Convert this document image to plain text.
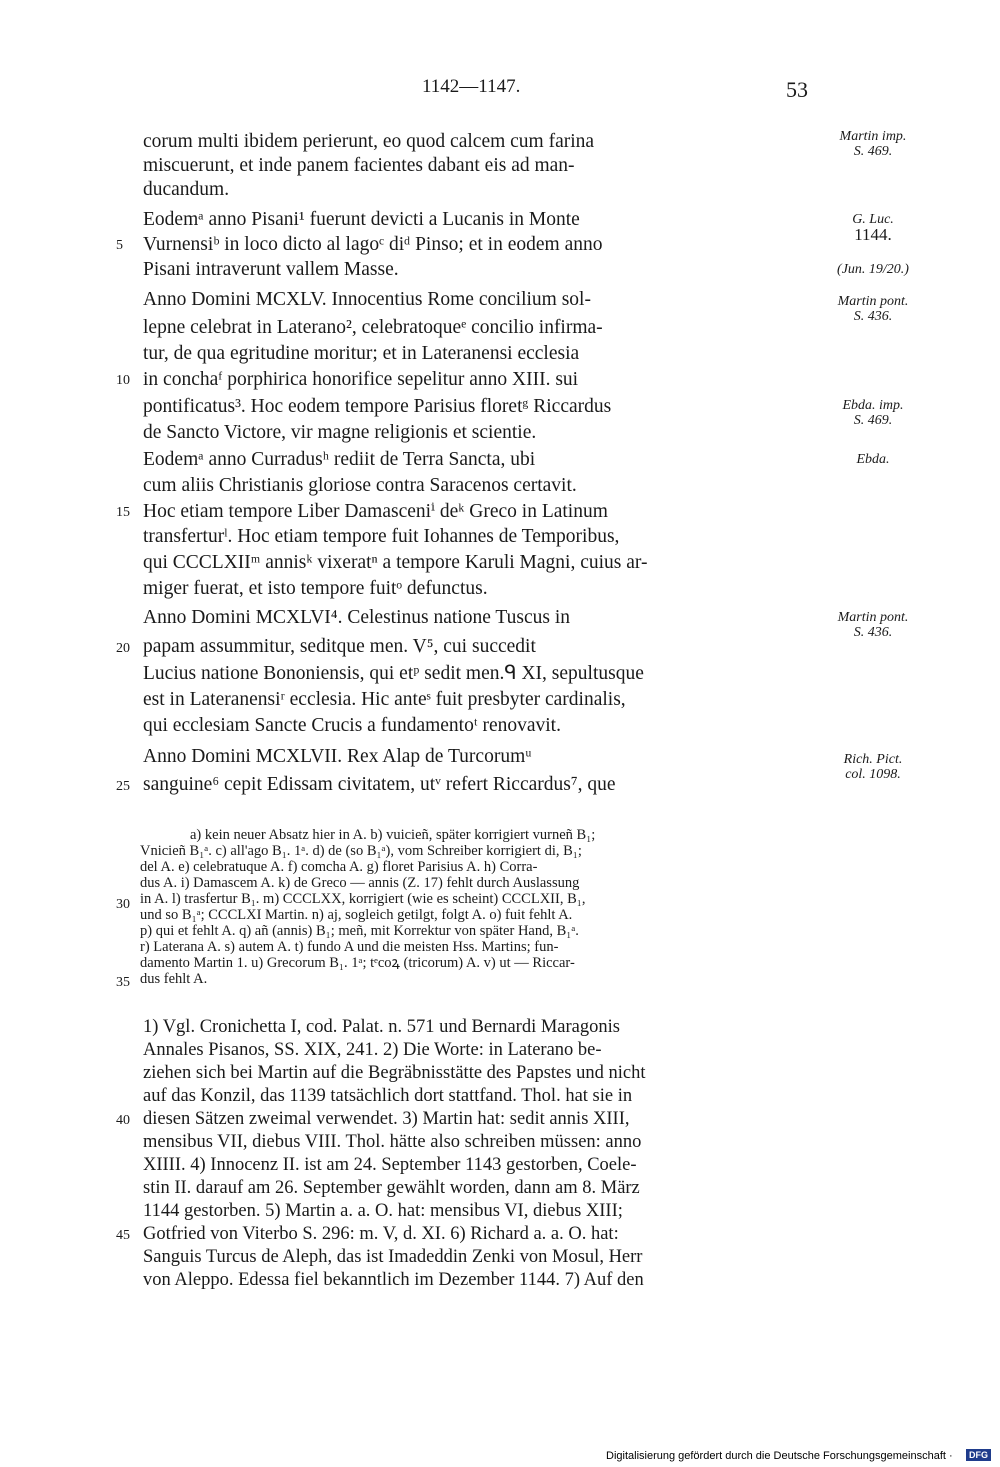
1142—1147.	53
corum multi ibidem perierunt, eo quod calcem cum farina
miscuerunt, et inde panem facientes dabant eis ad man-
ducandum.
Eodemᵃ anno Pisani¹ fuerunt devicti a Lucanis in Monte
Vurnensiᵇ in loco dicto al lagoᶜ diᵈ Pinso; et in eodem anno
Pisani intraverunt vallem Masse.
Anno Domini MCXLV. Innocentius Rome concilium sol-
lepne celebrat in Laterano², celebratoqueᵉ concilio infirma-
tur, de qua egritudine moritur; et in Lateranensi ecclesia
in conchaᶠ porphirica honorifice sepelitur anno XIII. sui
pontificatus³. Hoc eodem tempore Parisius floretᵍ Riccardus
de Sancto Victore, vir magne religionis et scientie.
Eodemᵃ anno Curradusʰ rediit de Terra Sancta, ubi
cum aliis Christianis gloriose contra Saracenos certavit.
Hoc etiam tempore Liber Damasceniⁱ deᵏ Greco in Latinum
transferturˡ. Hoc etiam tempore fuit Iohannes de Temporibus,
qui CCCLXIIᵐ annisᵏ vixeratⁿ a tempore Karuli Magni, cuius ar-
miger fuerat, et isto tempore fuitᵒ defunctus.
Anno Domini MCXLVI⁴. Celestinus natione Tuscus in
papam assummitur, seditque men. V⁵, cui succedit
Lucius natione Bononiensis, qui etᵖ sedit men.ᑫ XI, sepultusque
est in Lateranensiʳ ecclesia. Hic anteˢ fuit presbyter cardinalis,
qui ecclesiam Sancte Crucis a fundamentoᵗ renovavit.
Anno Domini MCXLVII. Rex Alap de Turcorumᵘ
sanguine⁶ cepit Edissam civitatem, utᵛ refert Riccardus⁷, que
5
10
15
20
25
Martin imp.
S. 469.
G. Luc.
1144.
(Jun. 19/20.)
Martin pont.
S. 436.
Ebda. imp.
S. 469.
Ebda.
Martin pont.
S. 436.
Rich. Pict.
col. 1098.
a) kein neuer Absatz hier in A. b) vuicieñ, später korrigiert vurneñ B₁;
Vnicieñ B₁ᵃ. c) all'ago B₁. 1ᵃ. d) de (so B₁ᵃ), vom Schreiber korrigiert di, B₁;
del A. e) celebratuque A. f) comcha A. g) floret Parisius A. h) Corra-
dus A. i) Damascem A. k) de Greco — annis (Z. 17) fehlt durch Auslassung
in A. l) trasfertur B₁. m) CCCLXX, korrigiert (wie es scheint) CCCLXII, B₁,
und so B₁ᵃ; CCCLXI Martin. n) aj, sogleich getilgt, folgt A. o) fuit fehlt A.
p) qui et fehlt A. q) añ (annis) B₁; meñ, mit Korrektur von später Hand, B₁ᵃ.
r) Laterana A. s) autem A. t) fundo A und die meisten Hss. Martins; fun-
damento Martin 1. u) Grecorum B₁. 1ᵃ; tᵉcoꝝ (tricorum) A. v) ut — Riccar-
dus fehlt A.
30
35
1) Vgl. Cronichetta I, cod. Palat. n. 571 und Bernardi Maragonis
Annales Pisanos, SS. XIX, 241. 2) Die Worte: in Laterano be-
ziehen sich bei Martin auf die Begräbnisstätte des Papstes und nicht
auf das Konzil, das 1139 tatsächlich dort stattfand. Thol. hat sie in
diesen Sätzen zweimal verwendet. 3) Martin hat: sedit annis XIII,
mensibus VII, diebus VIII. Thol. hätte also schreiben müssen: anno
XIIII. 4) Innocenz II. ist am 24. September 1143 gestorben, Coele-
stin II. darauf am 26. September gewählt worden, dann am 8. März
1144 gestorben. 5) Martin a. a. O. hat: mensibus VI, diebus XIII;
Gotfried von Viterbo S. 296: m. V, d. XI. 6) Richard a. a. O. hat:
Sanguis Turcus de Aleph, das ist Imadeddin Zenki von Mosul, Herr
von Aleppo. Edessa fiel bekanntlich im Dezember 1144. 7) Auf den
40
45
Digitalisierung gefördert durch die Deutsche Forschungsgemeinschaft ·	DFG
